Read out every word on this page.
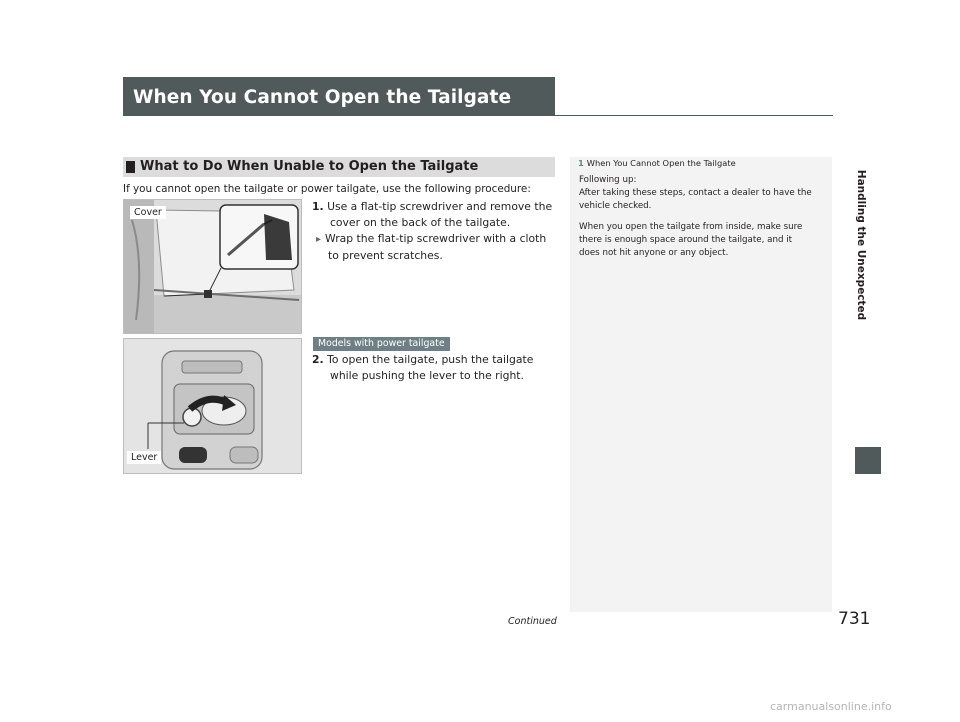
When You Cannot Open the Tailgate
What to Do When Unable to Open the Tailgate
If you cannot open the tailgate or power tailgate, use the following procedure:
Cover	1. Use a flat-tip screwdriver and remove the
cover on the back of the tailgate.
▸ Wrap the flat-tip screwdriver with a cloth
to prevent scratches.
Models with power tailgate
Lever
2. To open the tailgate, push the tailgate
while pushing the lever to the right.
1 When You Cannot Open the Tailgate

Following up:
After taking these steps, contact a dealer to have the
vehicle checked.

When you open the tailgate from inside, make sure
there is enough space around the tailgate, and it
does not hit anyone or any object.	Handling the Unexpected
Continued	731
carmanualsonline.info
